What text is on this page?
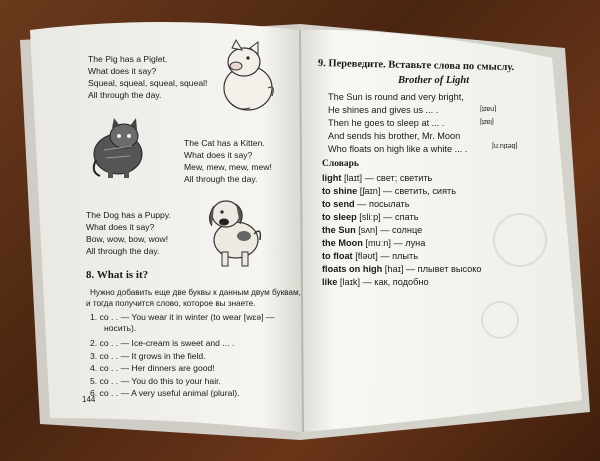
The Pig has a Piglet.
What does it say?
Squeal, squeal, squeal, squeal!
All through the day.
The Cat has a Kitten.
What does it say?
Mew, mew, mew, mew!
All through the day.
The Dog has a Puppy.
What does it say?
Bow, wow, bow, wow!
All through the day.
8. What is it?
Нужно добавить еще две буквы к данным двум буквам,
и тогда получится слово, которое вы знаете.
1. co . . — You wear it in winter (to wear [wɛə] —
носить).
2. co . . — Ice-cream is sweet and ... .
3. co . . — It grows in the field.
4. co . . — Her dinners are good!
5. co . . — You do this to your hair.
6. co . . — A very useful animal (plural).
144
9. Переведите. Вставьте слова по смыслу.
Brother of Light
The Sun is round and very bright,
He shines and gives us ... .
Then he goes to sleep at ... .
And sends his brother, Mr. Moon
Who floats on high like a white ... .
[naɪt]
[laɪt]
[beɪluːn]
Словарь
light [laɪt] — свет; светить
to shine [ʃaɪn] — светить, сиять
to send — посылать
to sleep [sliːp] — спать
the Sun [sʌn] — солнце
the Moon [muːn] — луна
to float [fləʊt] — плыть
floats on high [haɪ] — плывет высоко
like [laɪk] — как, подобно
